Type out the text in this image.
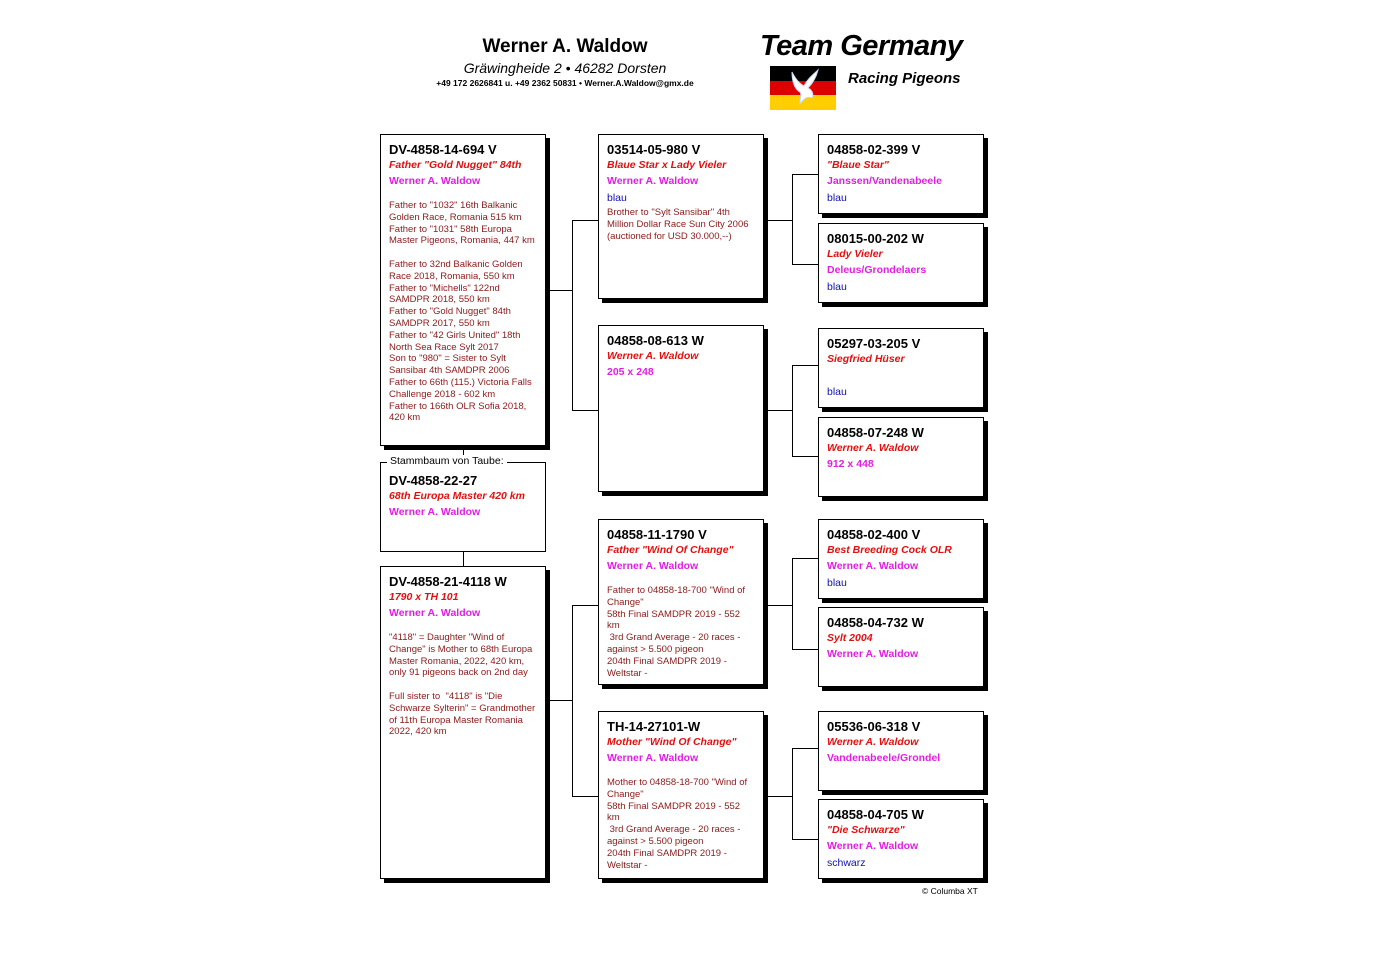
Werner A. Waldow
Gräwingheide 2 • 46282 Dorsten
+49 172 2626841 u. +49 2362 50831 • Werner.A.Waldow@gmx.de
Team Germany
Racing Pigeons
DV-4858-14-694 V
Father "Gold Nugget" 84th
Werner A. Waldow
Father to "1032" 16th Balkanic Golden Race, Romania 515 km
Father to "1031" 58th Europa Master Pigeons, Romania, 447 km

Father to 32nd Balkanic Golden Race 2018, Romania, 550 km
Father to "Michells" 122nd SAMDPR 2018, 550 km
Father to "Gold Nugget" 84th SAMDPR 2017, 550 km
Father to "42 Girls United" 18th North Sea Race Sylt 2017
Son to "980" = Sister to Sylt Sansibar 4th SAMDPR 2006
Father to 66th (115.) Victoria Falls Challenge 2018 - 602 km
Father to 166th OLR Sofia 2018, 420 km
Stammbaum von Taube:
DV-4858-22-27
68th Europa Master 420 km
Werner A. Waldow
DV-4858-21-4118 W
1790 x TH 101
Werner A. Waldow
"4118" = Daughter "Wind of Change" is Mother to 68th Europa Master Romania, 2022, 420 km, only 91 pigeons back on 2nd day

Full sister to  "4118" is "Die Schwarze Sylterin" = Grandmother of 11th Europa Master Romania 2022, 420 km
03514-05-980 V
Blaue Star x Lady Vieler
Werner A. Waldow
blau
Brother to "Sylt Sansibar" 4th Million Dollar Race Sun City 2006 (auctioned for USD 30.000,--)
04858-08-613 W
Werner A. Waldow
205 x 248
04858-11-1790 V
Father "Wind Of Change"
Werner A. Waldow
Father to 04858-18-700 "Wind of Change"
58th Final SAMDPR 2019 - 552 km
3rd Grand Average - 20 races - against > 5.500 pigeon
204th Final SAMDPR 2019 - Weltstar -
TH-14-27101-W
Mother "Wind Of Change"
Werner A. Waldow
Mother to 04858-18-700 "Wind of Change"
58th Final SAMDPR 2019 - 552 km
3rd Grand Average - 20 races - against > 5.500 pigeon
204th Final SAMDPR 2019 - Weltstar -
04858-02-399 V
"Blaue Star"
Janssen/Vandenabeele
blau
08015-00-202 W
Lady Vieler
Deleus/Grondelaers
blau
05297-03-205 V
Siegfried Hüser
blau
04858-07-248 W
Werner A. Waldow
912 x 448
04858-02-400 V
Best Breeding Cock OLR
Werner A. Waldow
blau
04858-04-732 W
Sylt 2004
Werner A. Waldow
05536-06-318 V
Werner A. Waldow
Vandenabeele/Grondel
04858-04-705 W
"Die Schwarze"
Werner A. Waldow
schwarz
© Columba XT
